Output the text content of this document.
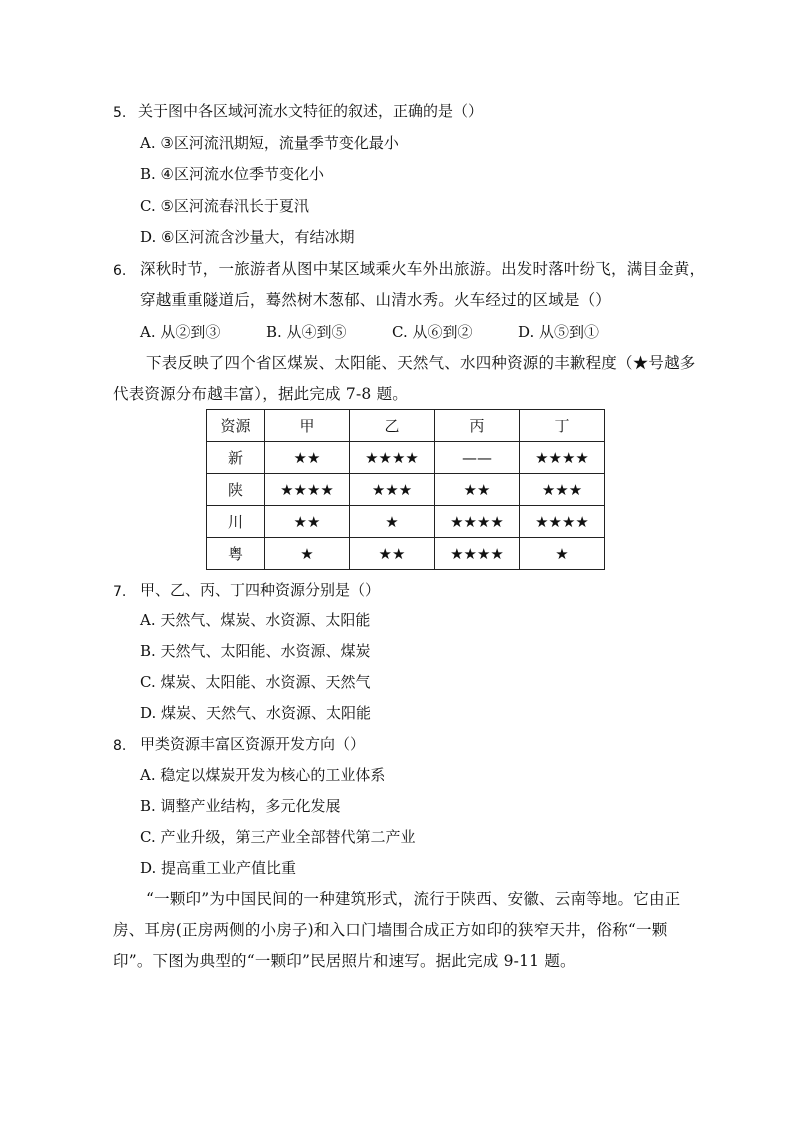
5. 关于图中各区域河流水文特征的叙述，正确的是（）
A. ③区河流汛期短，流量季节变化最小
B. ④区河流水位季节变化小
C. ⑤区河流春汛长于夏汛
D. ⑥区河流含沙量大，有结冰期
6. 深秋时节，一旅游者从图中某区域乘火车外出旅游。出发时落叶纷飞，满目金黄，
穿越重重隧道后，蓦然树木葱郁、山清水秀。火车经过的区域是（）
A. 从②到③	B. 从④到⑤	C. 从⑥到②	D. 从⑤到①
下表反映了四个省区煤炭、太阳能、天然气、水四种资源的丰歉程度（★号越多
代表资源分布越丰富），据此完成 7-8 题。
资源	甲	乙	丙	丁
新	★★	★★★★	——	★★★★
陕	★★★★	★★★	★★	★★★
川	★★	★	★★★★	★★★★
粤	★	★★	★★★★	★
7. 甲、乙、丙、丁四种资源分别是（）
A. 天然气、煤炭、水资源、太阳能
B. 天然气、太阳能、水资源、煤炭
C. 煤炭、太阳能、水资源、天然气
D. 煤炭、天然气、水资源、太阳能
8. 甲类资源丰富区资源开发方向（）
A. 稳定以煤炭开发为核心的工业体系
B. 调整产业结构，多元化发展
C. 产业升级，第三产业全部替代第二产业
D. 提高重工业产值比重
“一颗印”为中国民间的一种建筑形式，流行于陕西、安徽、云南等地。它由正
房、耳房(正房两侧的小房子)和入口门墙围合成正方如印的狭窄天井，俗称“一颗
印”。下图为典型的“一颗印”民居照片和速写。据此完成 9-11 题。
